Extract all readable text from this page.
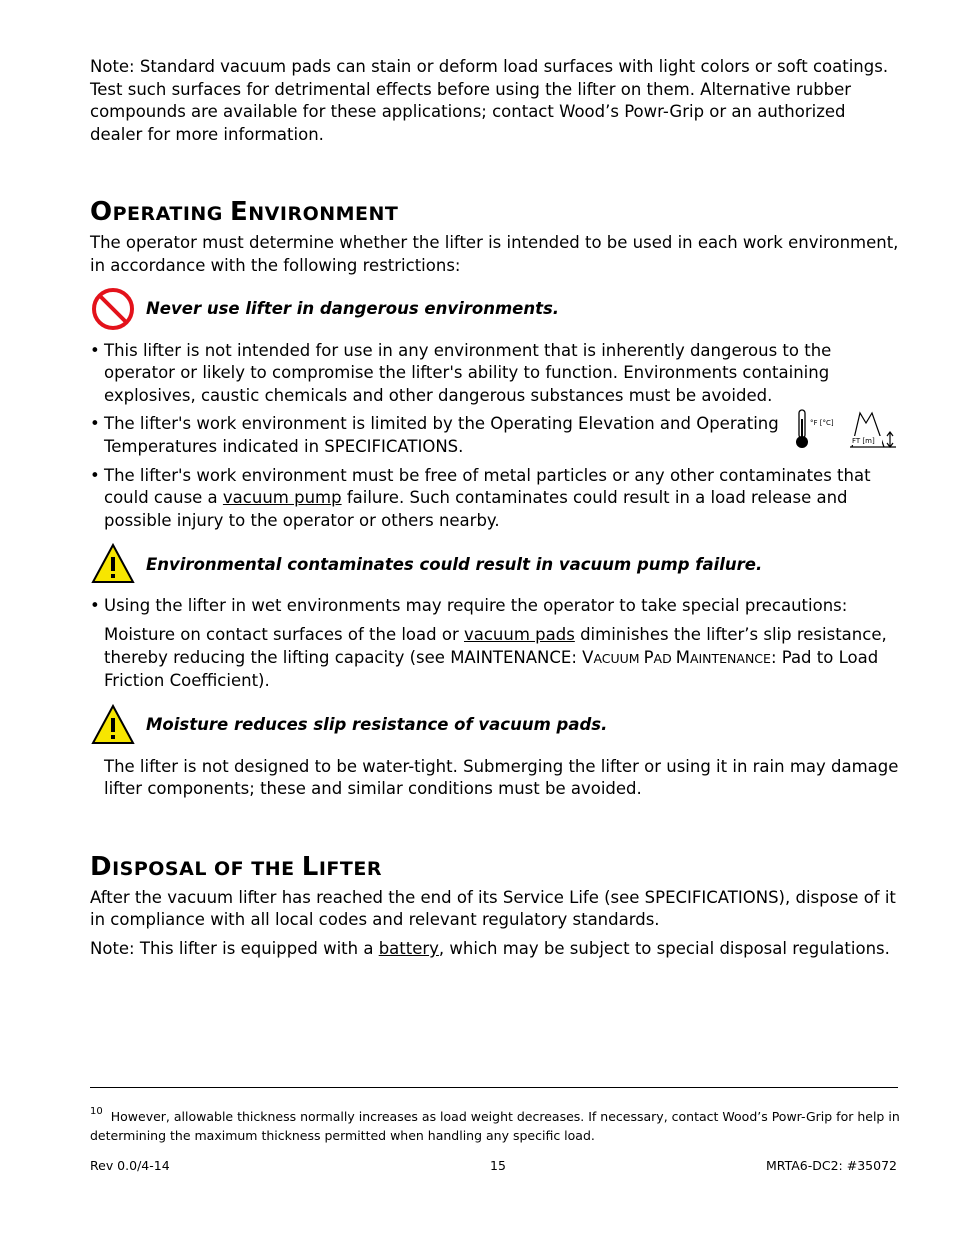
Note: Standard vacuum pads can stain or deform load surfaces with light colors or soft coatings. Test such surfaces for detrimental effects before using the lifter on them. Alternative rubber compounds are available for these applications; contact Wood’s Powr-Grip or an authorized dealer for more information.

OPERATING ENVIRONMENT

The operator must determine whether the lifter is intended to be used in each work environment, in accordance with the following restrictions:

Never use lifter in dangerous environments.

• This lifter is not intended for use in any environment that is inherently dangerous to the operator or likely to compromise the lifter's ability to function. Environments containing explosives, caustic chemicals and other dangerous substances must be avoided.

• The lifter's work environment is limited by the Operating Elevation and Operating Temperatures indicated in SPECIFICATIONS.

°F [°C]
FT [m]

• The lifter's work environment must be free of metal particles or any other contaminates that could cause a vacuum pump failure. Such contaminates could result in a load release and possible injury to the operator or others nearby.

Environmental contaminates could result in vacuum pump failure.

• Using the lifter in wet environments may require the operator to take special precautions:

Moisture on contact surfaces of the load or vacuum pads diminishes the lifter’s slip resistance, thereby reducing the lifting capacity (see MAINTENANCE: VACUUM PAD MAINTENANCE: Pad to Load Friction Coefficient).

Moisture reduces slip resistance of vacuum pads.

The lifter is not designed to be water-tight. Submerging the lifter or using it in rain may damage lifter components; these and similar conditions must be avoided.

DISPOSAL OF THE LIFTER

After the vacuum lifter has reached the end of its Service Life (see SPECIFICATIONS), dispose of it in compliance with all local codes and relevant regulatory standards.

Note: This lifter is equipped with a battery, which may be subject to special disposal regulations.

$^{10}$ However, allowable thickness normally increases as load weight decreases. If necessary, contact Wood’s Powr-Grip for help in determining the maximum thickness permitted when handling any specific load.
Rev 0.0/4-14	15	MRTA6-DC2: #35072
